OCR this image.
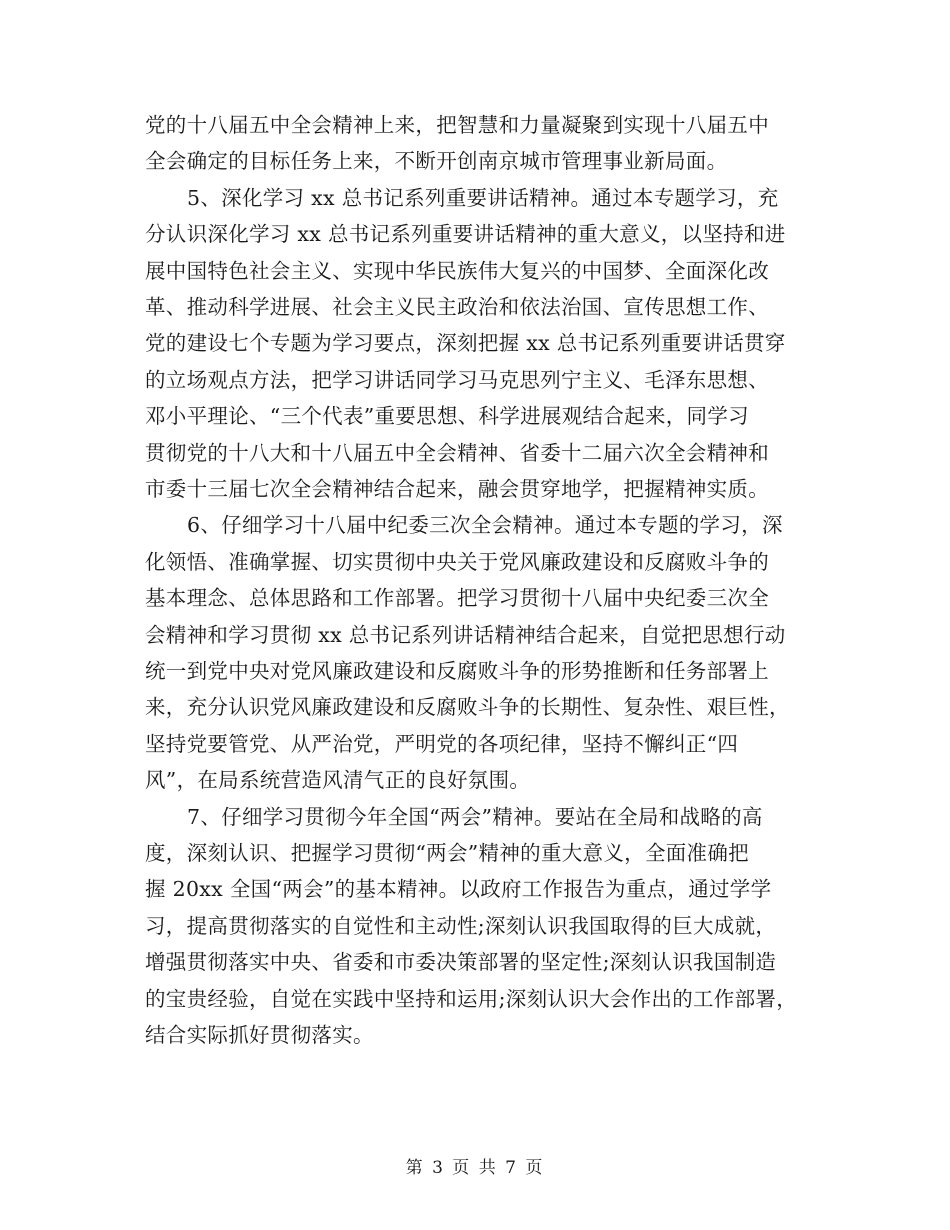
党的十八届五中全会精神上来，把智慧和力量凝聚到实现十八届五中
全会确定的目标任务上来，不断开创南京城市管理事业新局面。
5、深化学习 xx 总书记系列重要讲话精神。通过本专题学习，充
分认识深化学习 xx 总书记系列重要讲话精神的重大意义，以坚持和进
展中国特色社会主义、实现中华民族伟大复兴的中国梦、全面深化改
革、推动科学进展、社会主义民主政治和依法治国、宣传思想工作、
党的建设七个专题为学习要点，深刻把握 xx 总书记系列重要讲话贯穿
的立场观点方法，把学习讲话同学习马克思列宁主义、毛泽东思想、
邓小平理论、“三个代表”重要思想、科学进展观结合起来，同学习
贯彻党的十八大和十八届五中全会精神、省委十二届六次全会精神和
市委十三届七次全会精神结合起来，融会贯穿地学，把握精神实质。
6、仔细学习十八届中纪委三次全会精神。通过本专题的学习，深
化领悟、准确掌握、切实贯彻中央关于党风廉政建设和反腐败斗争的
基本理念、总体思路和工作部署。把学习贯彻十八届中央纪委三次全
会精神和学习贯彻 xx 总书记系列讲话精神结合起来，自觉把思想行动
统一到党中央对党风廉政建设和反腐败斗争的形势推断和任务部署上
来，充分认识党风廉政建设和反腐败斗争的长期性、复杂性、艰巨性，
坚持党要管党、从严治党，严明党的各项纪律，坚持不懈纠正“四
风”，在局系统营造风清气正的良好氛围。
7、仔细学习贯彻今年全国“两会”精神。要站在全局和战略的高
度，深刻认识、把握学习贯彻“两会”精神的重大意义，全面准确把
握 20xx 全国“两会”的基本精神。以政府工作报告为重点，通过学学
习，提高贯彻落实的自觉性和主动性;深刻认识我国取得的巨大成就，
增强贯彻落实中央、省委和市委决策部署的坚定性;深刻认识我国制造
的宝贵经验，自觉在实践中坚持和运用;深刻认识大会作出的工作部署，
结合实际抓好贯彻落实。
第 3 页 共 7 页
